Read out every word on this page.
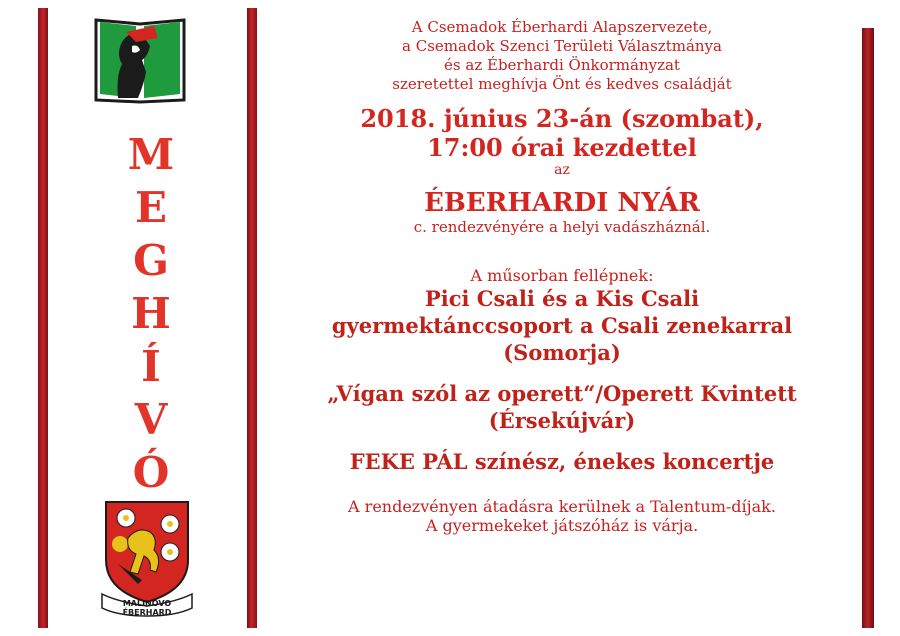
M
E
G
H
Í
V
Ó
MALINOVO
ÉBERHARD

A Csemadok Éberhardi Alapszervezete,

a Csemadok Szenci Területi Választmánya

és az Éberhardi Önkormányzat

szeretettel meghívja Önt és kedves családját

2018. június 23-án (szombat),

17:00 órai kezdettel

az

ÉBERHARDI NYÁR

c. rendezvényére a helyi vadászháznál.

A műsorban fellépnek:

Pici Csali és a Kis Csali

gyermektánccsoport a Csali zenekarral

(Somorja)

„Vígan szól az operett“/Operett Kvintett

(Érsekújvár)

FEKE PÁL színész, énekes koncertje

A rendezvényen átadásra kerülnek a Talentum-díjak.

A gyermekeket játszóház is várja.
